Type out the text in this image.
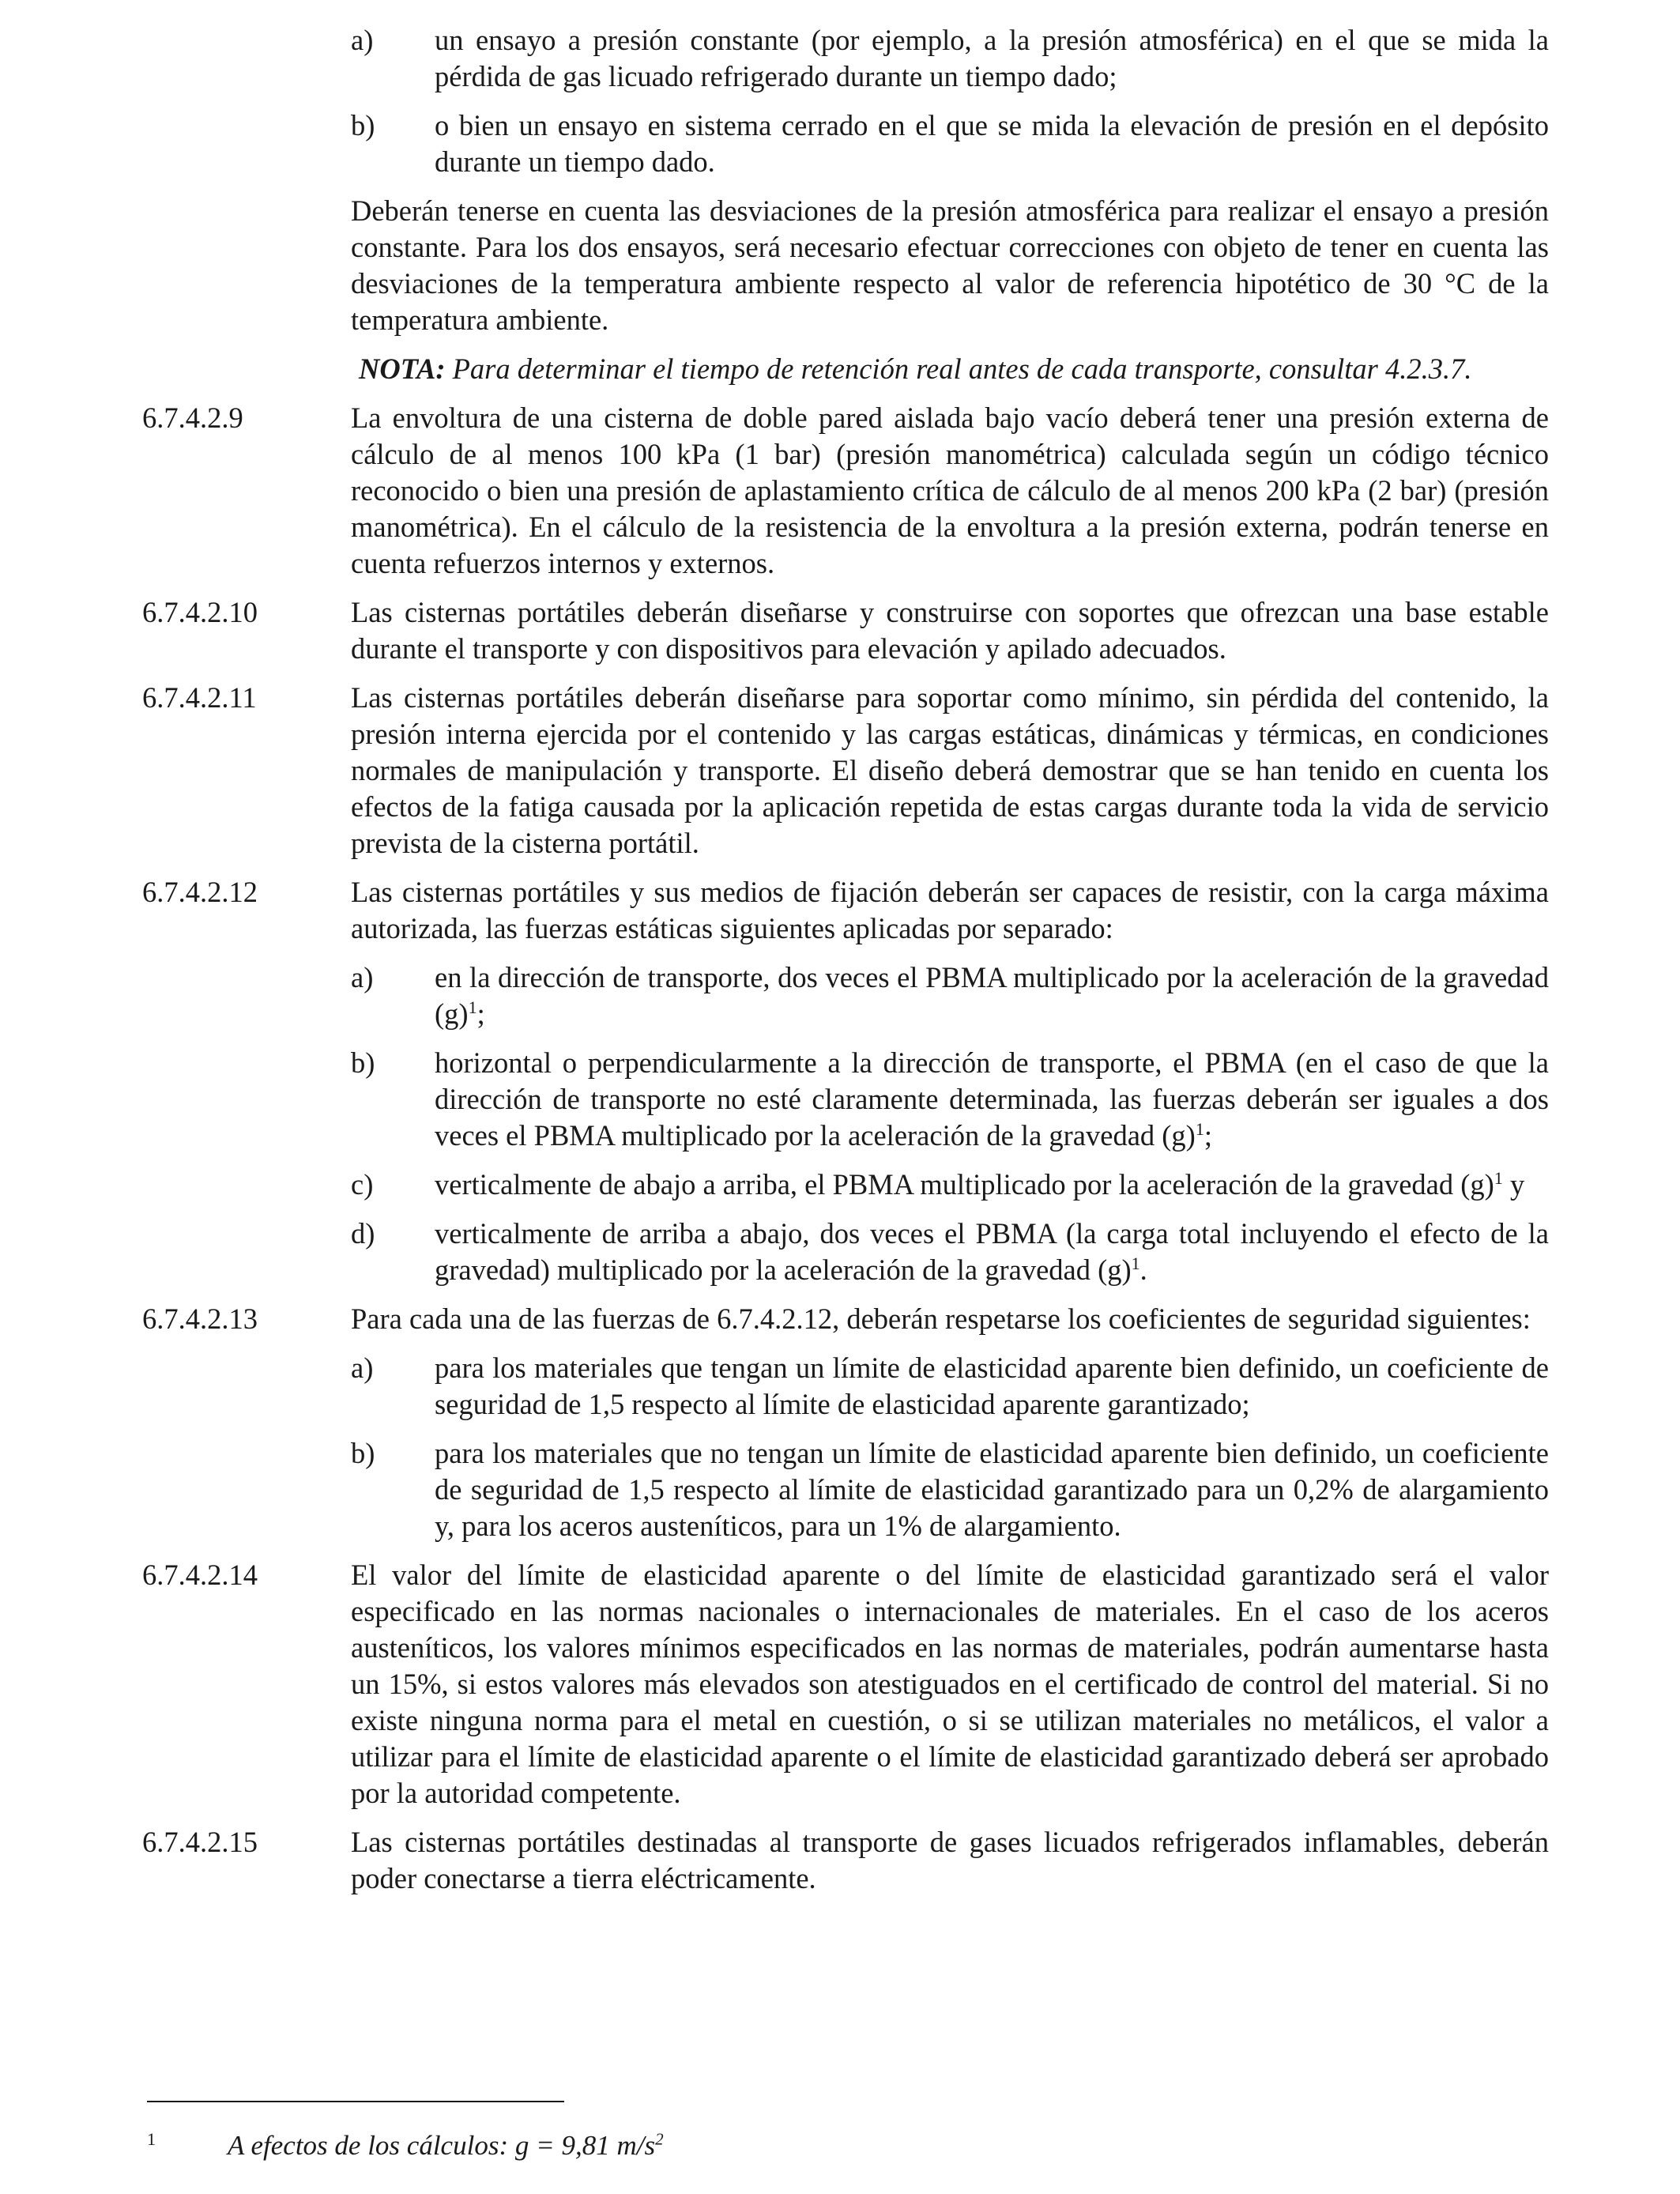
a) un ensayo a presión constante (por ejemplo, a la presión atmosférica) en el que se mida la pérdida de gas licuado refrigerado durante un tiempo dado;
b) o bien un ensayo en sistema cerrado en el que se mida la elevación de presión en el depósito durante un tiempo dado.

Deberán tenerse en cuenta las desviaciones de la presión atmosférica para realizar el ensayo a presión constante. Para los dos ensayos, será necesario efectuar correcciones con objeto de tener en cuenta las desviaciones de la temperatura ambiente respecto al valor de referencia hipotético de 30 °C de la temperatura ambiente.

NOTA: Para determinar el tiempo de retención real antes de cada transporte, consultar 4.2.3.7.
6.7.4.2.9	La envoltura de una cisterna de doble pared aislada bajo vacío deberá tener una presión externa de cálculo de al menos 100 kPa (1 bar) (presión manométrica) calculada según un código técnico reconocido o bien una presión de aplastamiento crítica de cálculo de al menos 200 kPa (2 bar) (presión manométrica). En el cálculo de la resistencia de la envoltura a la presión externa, podrán tenerse en cuenta refuerzos internos y externos.

6.7.4.2.10	Las cisternas portátiles deberán diseñarse y construirse con soportes que ofrezcan una base estable durante el transporte y con dispositivos para elevación y apilado adecuados.

6.7.4.2.11	Las cisternas portátiles deberán diseñarse para soportar como mínimo, sin pérdida del contenido, la presión interna ejercida por el contenido y las cargas estáticas, dinámicas y térmicas, en condiciones normales de manipulación y transporte. El diseño deberá demostrar que se han tenido en cuenta los efectos de la fatiga causada por la aplicación repetida de estas cargas durante toda la vida de servicio prevista de la cisterna portátil.

6.7.4.2.12	Las cisternas portátiles y sus medios de fijación deberán ser capaces de resistir, con la carga máxima autorizada, las fuerzas estáticas siguientes aplicadas por separado:

a) en la dirección de transporte, dos veces el PBMA multiplicado por la aceleración de la gravedad $(g)^1$;
b) horizontal o perpendicularmente a la dirección de transporte, el PBMA (en el caso de que la dirección de transporte no esté claramente determinada, las fuerzas deberán ser iguales a dos veces el PBMA multiplicado por la aceleración de la gravedad $(g)^1$;
c) verticalmente de abajo a arriba, el PBMA multiplicado por la aceleración de la gravedad $(g)^1$ y
d) verticalmente de arriba a abajo, dos veces el PBMA (la carga total incluyendo el efecto de la gravedad) multiplicado por la aceleración de la gravedad $(g)^1$.
6.7.4.2.13	Para cada una de las fuerzas de 6.7.4.2.12, deberán respetarse los coeficientes de seguridad siguientes:

a) para los materiales que tengan un límite de elasticidad aparente bien definido, un coeficiente de seguridad de 1,5 respecto al límite de elasticidad aparente garantizado;
b) para los materiales que no tengan un límite de elasticidad aparente bien definido, un coeficiente de seguridad de 1,5 respecto al límite de elasticidad garantizado para un 0,2% de alargamiento y, para los aceros austeníticos, para un 1% de alargamiento.
6.7.4.2.14	El valor del límite de elasticidad aparente o del límite de elasticidad garantizado será el valor especificado en las normas nacionales o internacionales de materiales. En el caso de los aceros austeníticos, los valores mínimos especificados en las normas de materiales, podrán aumentarse hasta un 15%, si estos valores más elevados son atestiguados en el certificado de control del material. Si no existe ninguna norma para el metal en cuestión, o si se utilizan materiales no metálicos, el valor a utilizar para el límite de elasticidad aparente o el límite de elasticidad garantizado deberá ser aprobado por la autoridad competente.

6.7.4.2.15	Las cisternas portátiles destinadas al transporte de gases licuados refrigerados inflamables, deberán poder conectarse a tierra eléctricamente.

1	A efectos de los cálculos: g = 9,81 $m/s^2$
